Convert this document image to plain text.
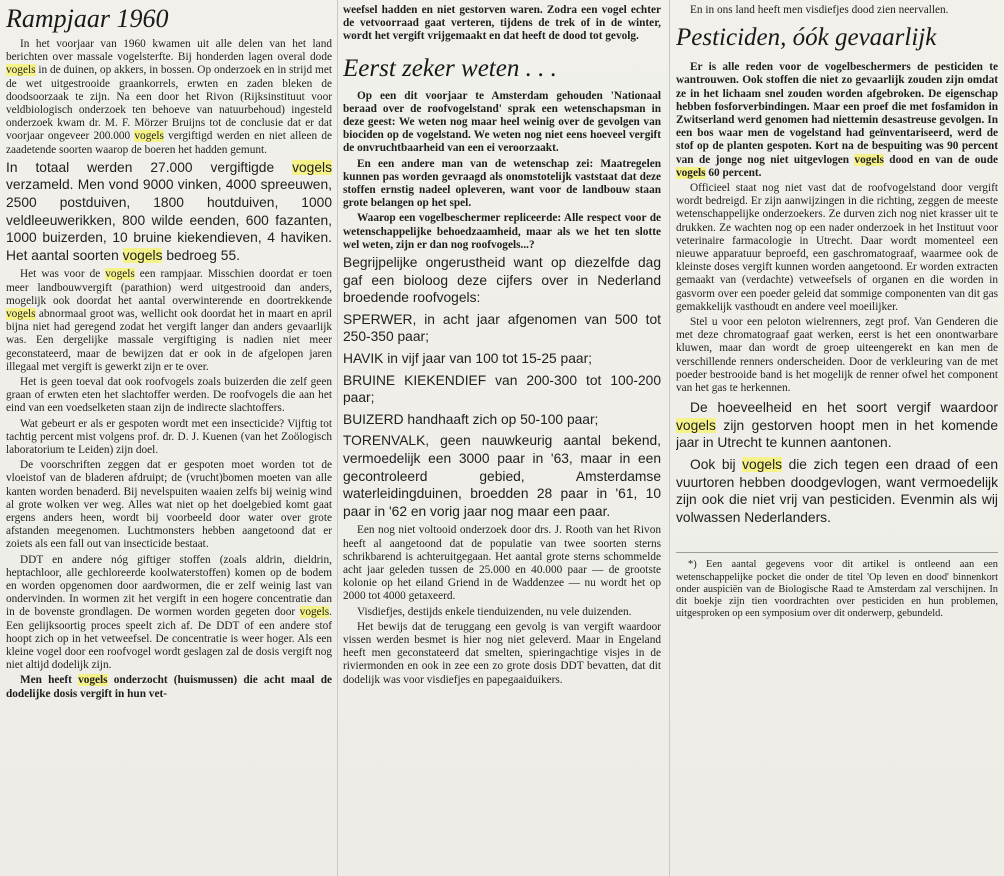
Rampjaar 1960

In het voorjaar van 1960 kwamen uit alle delen van het land berichten over massale vogelsterfte. Bij honderden lagen overal dode vogels in de duinen, op akkers, in bossen. Op onderzoek en in strijd met de wet uitgestrooide graankorrels, erwten en zaden bleken de doodsoorzaak te zijn. Na een door het Rivon (Rijksinstituut voor veldbiologisch onderzoek ten behoeve van natuurbehoud) ingesteld onderzoek kwam dr. M. F. Mörzer Bruijns tot de conclusie dat er dat voorjaar ongeveer 200.000 vogels vergiftigd werden en niet alleen de zaadetende soorten waarop de boeren het hadden gemunt.

In totaal werden 27.000 vergiftigde vogels verzameld. Men vond 9000 vinken, 4000 spreeuwen, 2500 postduiven, 1800 houtduiven, 1000 veldleeuwerikken, 800 wilde eenden, 600 fazanten, 1000 buizerden, 10 bruine kiekendieven, 4 haviken. Het aantal soorten vogels bedroeg 55.

Het was voor de vogels een rampjaar. Misschien doordat er toen meer landbouwvergift (parathion) werd uitgestrooid dan anders, mogelijk ook doordat het aantal overwinterende en doortrekkende vogels abnormaal groot was, wellicht ook doordat het in maart en april bijna niet had geregend zodat het vergift langer dan anders gevaarlijk was. Een dergelijke massale vergiftiging is nadien niet meer geconstateerd, maar de bewijzen dat er ook in de afgelopen jaren illegaal met vergift is gewerkt zijn er te over.

Het is geen toeval dat ook roofvogels zoals buizerden die zelf geen graan of erwten eten het slachtoffer werden. De roofvogels die aan het eind van een voedselketen staan zijn de indirecte slachtoffers.

Wat gebeurt er als er gespoten wordt met een insecticide? Vijftig tot tachtig percent mist volgens prof. dr. D. J. Kuenen (van het Zoölogisch laboratorium te Leiden) zijn doel.

De voorschriften zeggen dat er gespoten moet worden tot de vloeistof van de bladeren afdruipt; de (vrucht)bomen moeten van alle kanten worden benaderd. Bij nevelspuiten waaien zelfs bij weinig wind al grote wolken ver weg. Alles wat niet op het doelgebied komt gaat ergens anders heen, wordt bij voorbeeld door water over grote afstanden meegenomen. Luchtmonsters hebben aangetoond dat er zoiets als een fall out van insecticide bestaat.

DDT en andere nóg giftiger stoffen (zoals aldrin, dieldrin, heptachloor, alle gechloreerde koolwaterstoffen) komen op de bodem en worden opgenomen door aardwormen, die er zelf weinig last van ondervinden. In wormen zit het vergift in een hogere concentratie dan in de bovenste grondlagen. De wormen worden gegeten door vogels. Een gelijksoortig proces speelt zich af. De DDT of een andere stof hoopt zich op in het vetweefsel. De concentratie is weer hoger. Als een kleine vogel door een roofvogel wordt geslagen zal de dosis vergift nog niet altijd dodelijk zijn.

Men heeft vogels onderzocht (huismussen) die acht maal de dodelijke dosis vergift in hun vet-

weefsel hadden en niet gestorven waren. Zodra een vogel echter de vetvoorraad gaat verteren, tijdens de trek of in de winter, wordt het vergift vrijgemaakt en dat heeft de dood tot gevolg.

Eerst zeker weten . . .

Op een dit voorjaar te Amsterdam gehouden 'Nationaal beraad over de roofvogelstand' sprak een wetenschapsman in deze geest: We weten nog maar heel weinig over de gevolgen van biociden op de vogelstand. We weten nog niet eens hoeveel vergift de onvruchtbaarheid van een ei veroorzaakt.

En een andere man van de wetenschap zei: Maatregelen kunnen pas worden gevraagd als onomstotelijk vaststaat dat deze stoffen ernstig nadeel opleveren, want voor de landbouw staan grote belangen op het spel.

Waarop een vogelbeschermer repliceerde: Alle respect voor de wetenschappelijke behoedzaamheid, maar als we het ten slotte wel weten, zijn er dan nog roofvogels...?

Begrijpelijke ongerustheid want op diezelfde dag gaf een bioloog deze cijfers over in Nederland broedende roofvogels:

SPERWER, in acht jaar afgenomen van 500 tot 250-350 paar;

HAVIK in vijf jaar van 100 tot 15-25 paar;

BRUINE KIEKENDIEF van 200-300 tot 100-200 paar;

BUIZERD handhaaft zich op 50-100 paar;

TORENVALK, geen nauwkeurig aantal bekend, vermoedelijk een 3000 paar in '63, maar in een gecontroleerd gebied, Amsterdamse waterleidingduinen, broedden 28 paar in '61, 10 paar in '62 en vorig jaar nog maar een paar.

Een nog niet voltooid onderzoek door drs. J. Rooth van het Rivon heeft al aangetoond dat de populatie van twee soorten sterns schrikbarend is achteruitgegaan. Het aantal grote sterns schommelde acht jaar geleden tussen de 25.000 en 40.000 paar — de grootste kolonie op het eiland Griend in de Waddenzee — nu wordt het op 2000 tot 4000 getaxeerd.

Visdiefjes, destijds enkele tienduizenden, nu vele duizenden.

Het bewijs dat de teruggang een gevolg is van vergift waardoor vissen werden besmet is hier nog niet geleverd. Maar in Engeland heeft men geconstateerd dat smelten, spieringachtige visjes in de riviermonden en ook in zee een zo grote dosis DDT bevatten, dat dit dodelijk was voor visdiefjes en papegaaiduikers.

En in ons land heeft men visdiefjes dood zien neervallen.

Pesticiden, óók gevaarlijk

Er is alle reden voor de vogelbeschermers de pesticiden te wantrouwen. Ook stoffen die niet zo gevaarlijk zouden zijn omdat ze in het lichaam snel zouden worden afgebroken. De eigenschap hebben fosforverbindingen. Maar een proef die met fosfamidon in Zwitserland werd genomen had niettemin desastreuse gevolgen. In een bos waar men de vogelstand had geïnventariseerd, werd de stof op de planten gespoten. Kort na de bespuiting was 90 percent van de jonge nog niet uitgevlogen vogels dood en van de oude vogels 60 percent.

Officieel staat nog niet vast dat de roofvogelstand door vergift wordt bedreigd. Er zijn aanwijzingen in die richting, zeggen de meeste wetenschappelijke onderzoekers. Ze durven zich nog niet krasser uit te drukken. Ze wachten nog op een nader onderzoek in het Instituut voor veterinaire farmacologie in Utrecht. Daar wordt momenteel een nieuwe apparatuur beproefd, een gaschromatograaf, waarmee ook de kleinste doses vergift kunnen worden aangetoond. Er worden extracten gemaakt van (verdachte) vetweefsels of organen en die worden in gasvorm over een poeder geleid dat sommige componenten van dit gas gemakkelijk vasthoudt en andere veel moeilijker.

Stel u voor een peloton wielrenners, zegt prof. Van Genderen die met deze chromatograaf gaat werken, eerst is het een onontwarbare kluwen, maar dan wordt de groep uiteengerekt en kan men de verschillende renners onderscheiden. Door de verkleuring van de met poeder bestrooide band is het mogelijk de renner ofwel het component van het gas te herkennen.

De hoeveelheid en het soort vergif waardoor vogels zijn gestorven hoopt men in het komende jaar in Utrecht te kunnen aantonen.

Ook bij vogels die zich tegen een draad of een vuurtoren hebben doodgevlogen, want vermoedelijk zijn ook die niet vrij van pesticiden. Evenmin als wij volwassen Nederlanders.

*) Een aantal gegevens voor dit artikel is ontleend aan een wetenschappelijke pocket die onder de titel 'Op leven en dood' binnenkort onder auspiciën van de Biologische Raad te Amsterdam zal verschijnen. In dit boekje zijn tien voordrachten over pesticiden en hun problemen, uitgesproken op een symposium over dit onderwerp, gebundeld.
